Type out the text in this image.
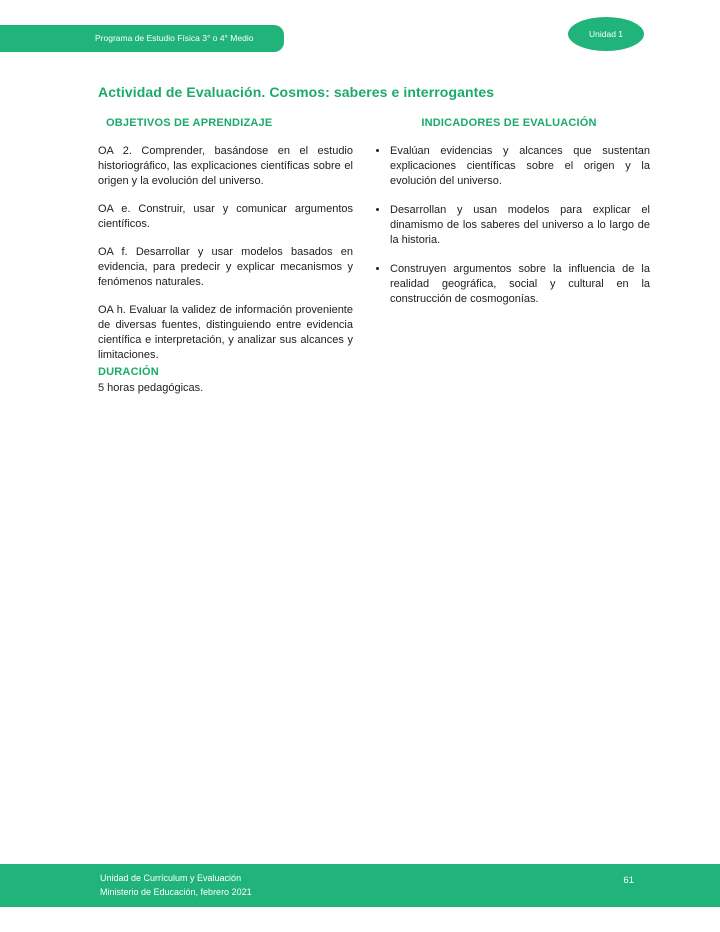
Programa de Estudio Física 3° o 4° Medio	Unidad 1
Actividad de Evaluación. Cosmos: saberes e interrogantes
OBJETIVOS DE APRENDIZAJE

OA 2. Comprender, basándose en el estudio historiográfico, las explicaciones científicas sobre el origen y la evolución del universo.

OA e. Construir, usar y comunicar argumentos científicos.

OA f. Desarrollar y usar modelos basados en evidencia, para predecir y explicar mecanismos y fenómenos naturales.

OA h. Evaluar la validez de información proveniente de diversas fuentes, distinguiendo entre evidencia científica e interpretación, y analizar sus alcances y limitaciones.

INDICADORES DE EVALUACIÓN
• Evalúan evidencias y alcances que sustentan explicaciones científicas sobre el origen y la evolución del universo.
• Desarrollan y usan modelos para explicar el dinamismo de los saberes del universo a lo largo de la historia.
• Construyen argumentos sobre la influencia de la realidad geográfica, social y cultural en la construcción de cosmogonías.
DURACIÓN

5 horas pedagógicas.

Unidad de Currículum y Evaluación
Ministerio de Educación, febrero 2021
61
